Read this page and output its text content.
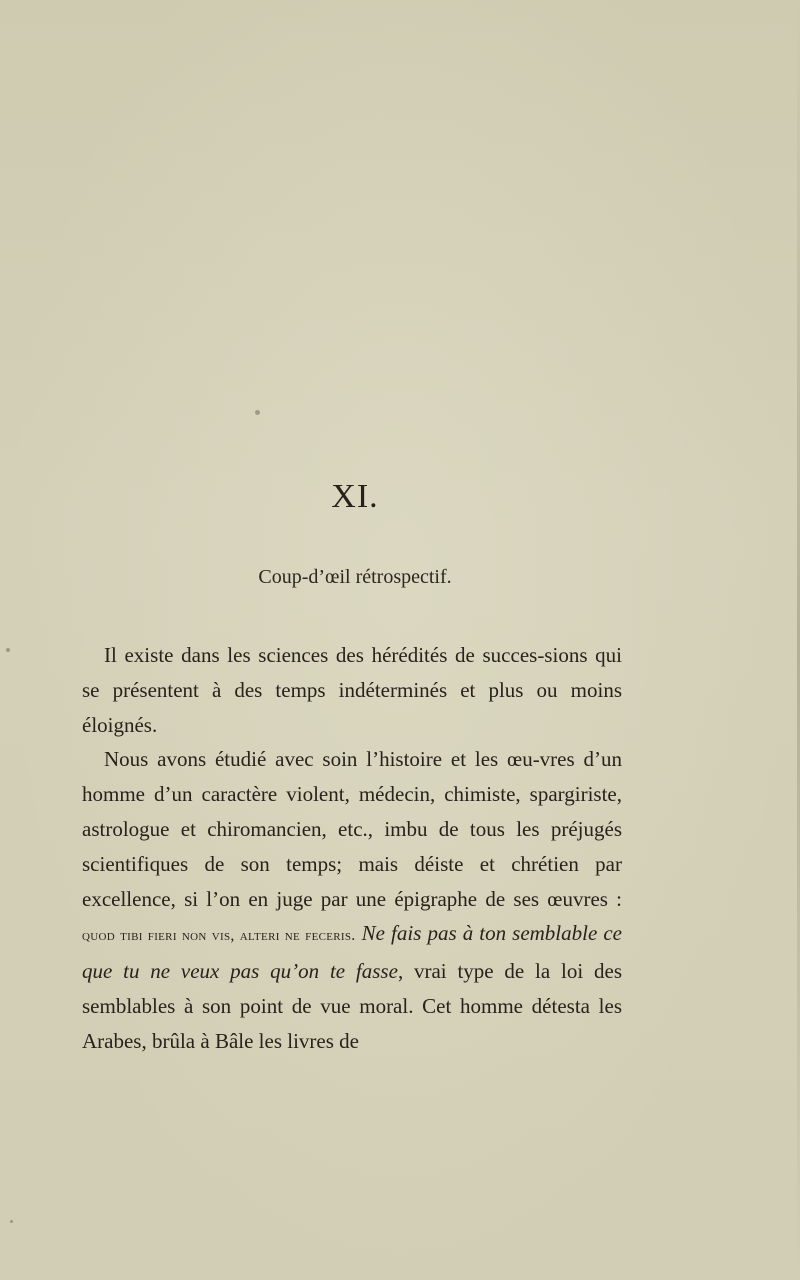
XI.
Coup-d’œil rétrospectif.

Il existe dans les sciences des hérédités de succes-sions qui se présentent à des temps indéterminés et plus ou moins éloignés.

Nous avons étudié avec soin l’histoire et les œu-vres d’un homme d’un caractère violent, médecin, chimiste, spargiriste, astrologue et chiromancien, etc., imbu de tous les préjugés scientifiques de son temps; mais déiste et chrétien par excellence, si l’on en juge par une épigraphe de ses œuvres : quod tibi fieri non vis, alteri ne feceris. Ne fais pas à ton semblable ce que tu ne veux pas qu’on te fasse, vrai type de la loi des semblables à son point de vue moral. Cet homme détesta les Arabes, brûla à Bâle les livres de
